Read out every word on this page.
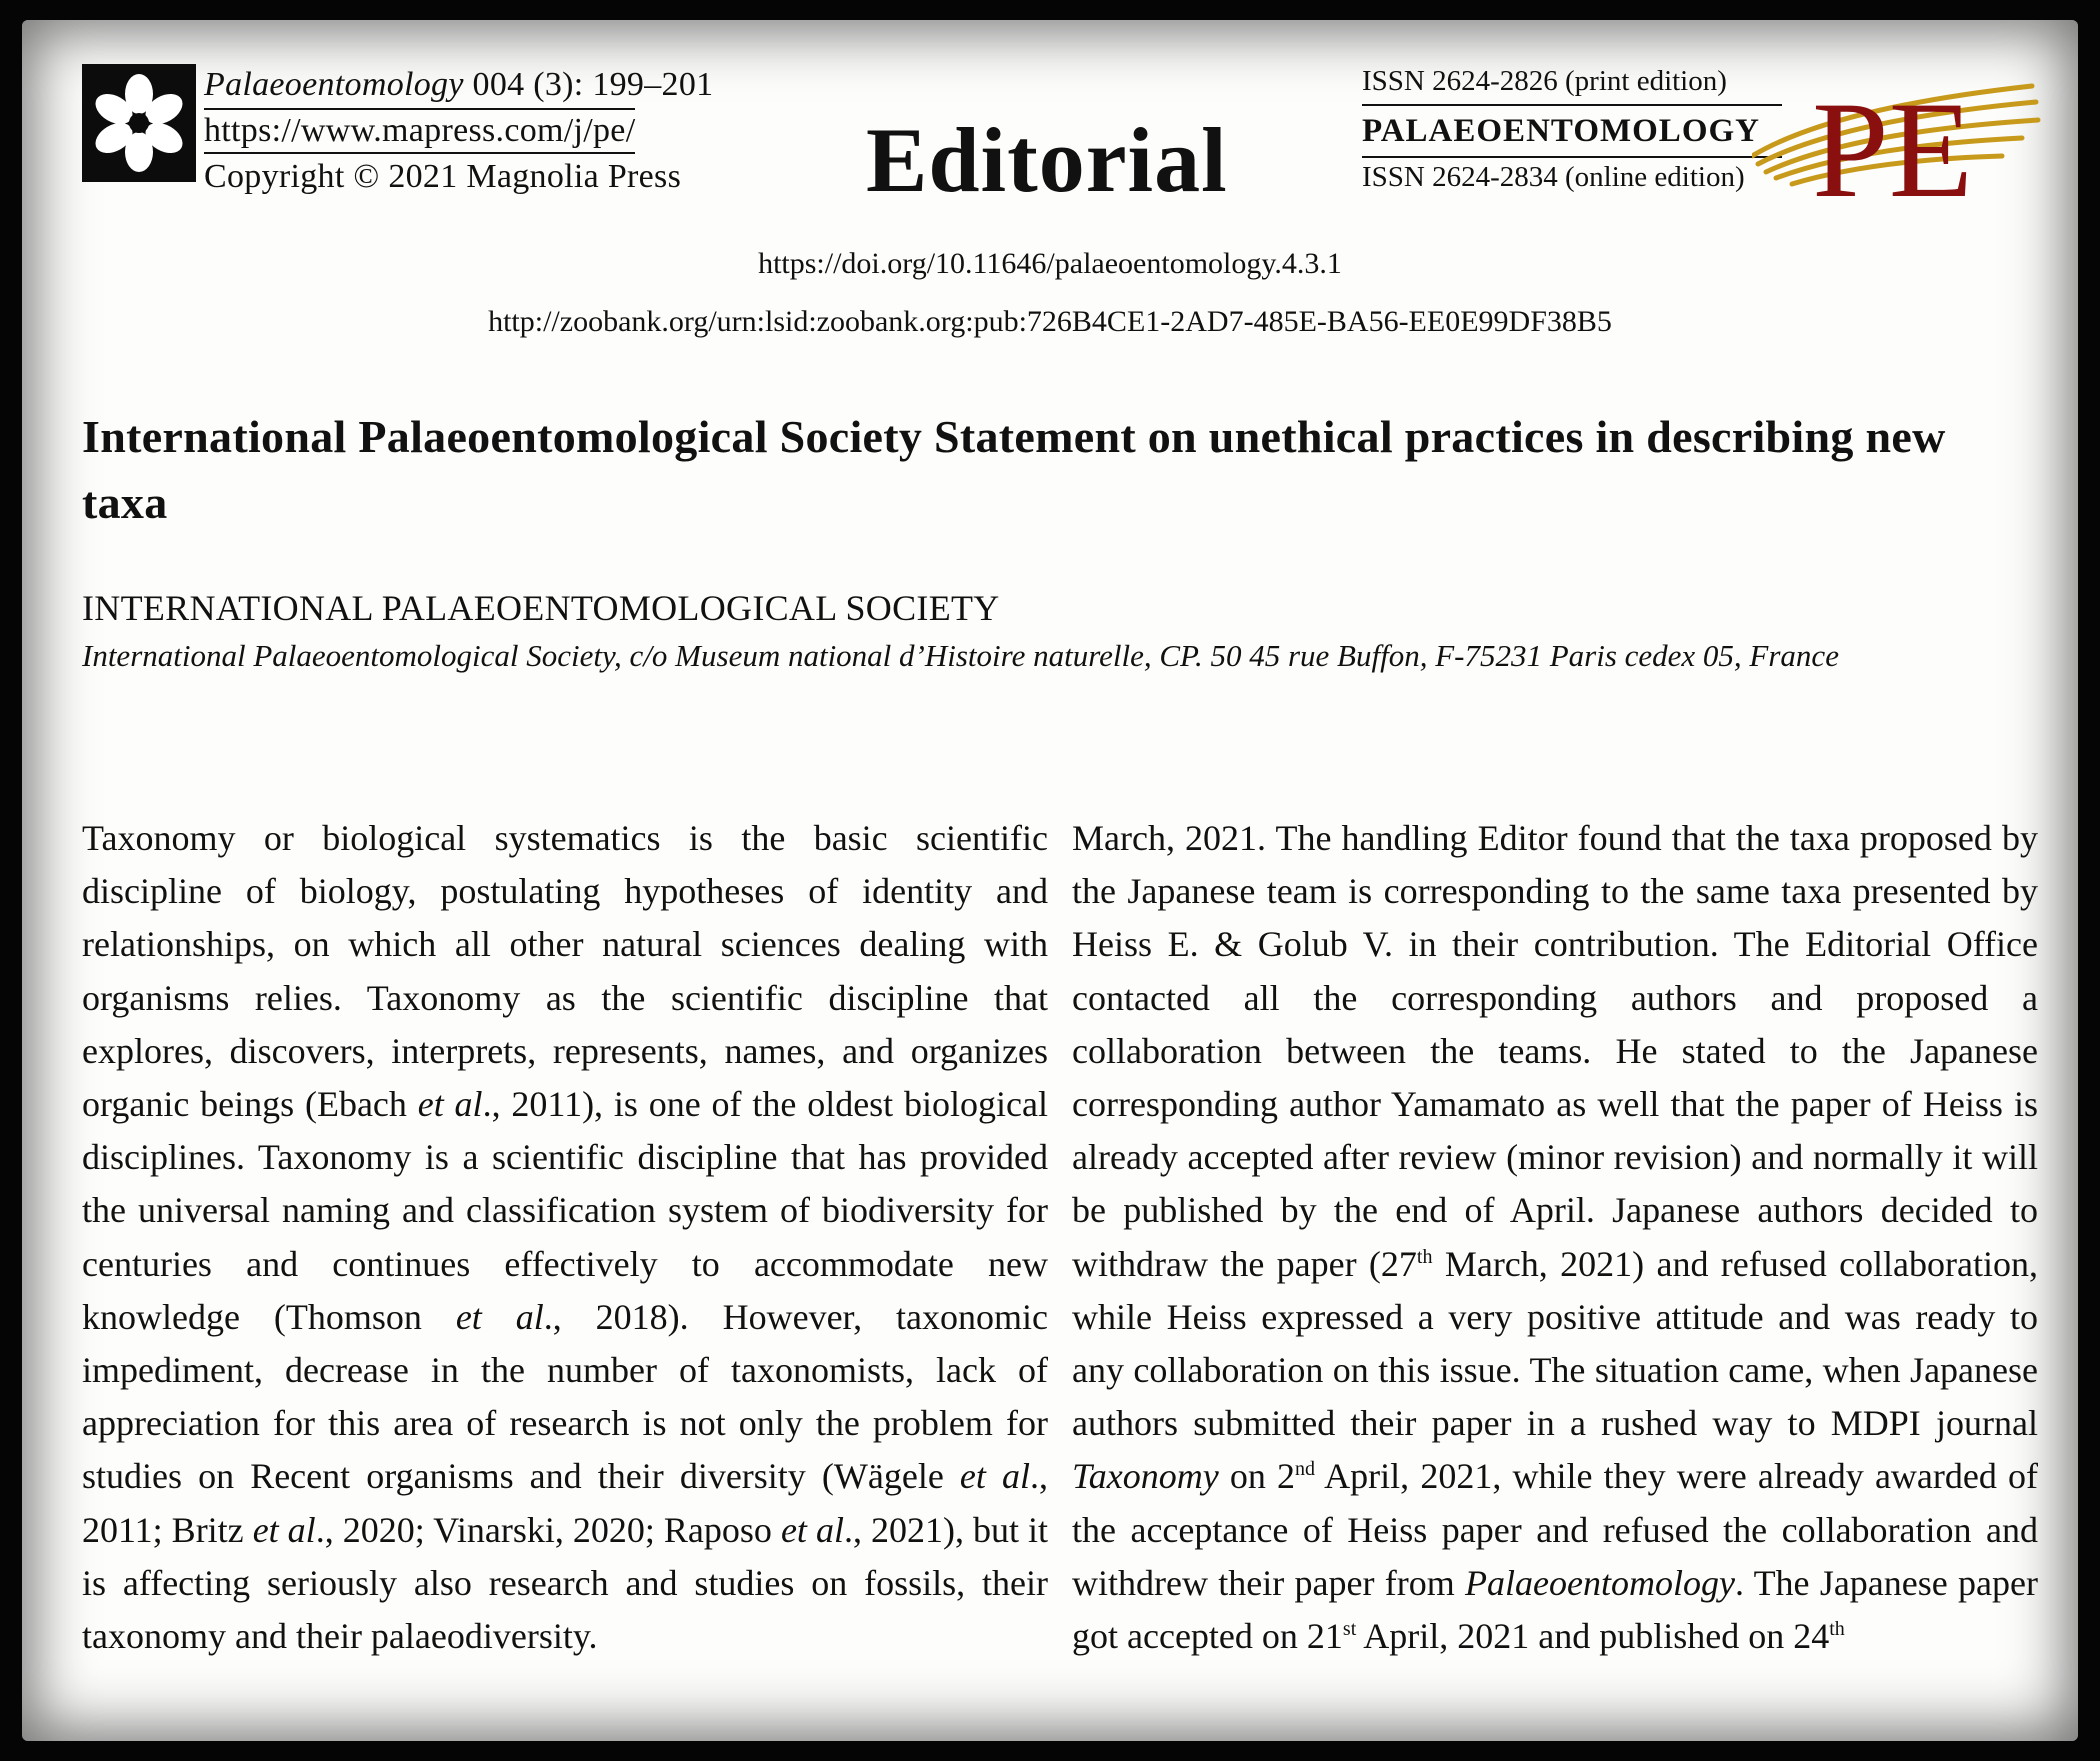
Palaeoentomology 004 (3): 199–201
https://www.mapress.com/j/pe/
Copyright © 2021 Magnolia Press	Editorial
ISSN 2624-2826 (print edition)
PALAEOENTOMOLOGY
ISSN 2624-2834 (online edition) PE
https://doi.org/10.11646/palaeoentomology.4.3.1
http://zoobank.org/urn:lsid:zoobank.org:pub:726B4CE1-2AD7-485E-BA56-EE0E99DF38B5
International Palaeoentomological Society Statement on unethical practices in describing new taxa
INTERNATIONAL PALAEOENTOMOLOGICAL SOCIETY
International Palaeoentomological Society, c/o Museum national d’Histoire naturelle, CP. 50 45 rue Buffon, F-75231 Paris cedex 05, France

Taxonomy or biological systematics is the basic scientific discipline of biology, postulating hypotheses of identity and relationships, on which all other natural sciences dealing with organisms relies. Taxonomy as the scientific discipline that explores, discovers, interprets, represents, names, and organizes organic beings (Ebach et al., 2011), is one of the oldest biological disciplines. Taxonomy is a scientific discipline that has provided the universal naming and classification system of biodiversity for centuries and continues effectively to accommodate new knowledge (Thomson et al., 2018). However, taxonomic impediment, decrease in the number of taxonomists, lack of appreciation for this area of research is not only the problem for studies on Recent organisms and their diversity (Wägele et al., 2011; Britz et al., 2020; Vinarski, 2020; Raposo et al., 2021), but it is affecting seriously also research and studies on fossils, their taxonomy and their palaeodiversity.

March, 2021. The handling Editor found that the taxa proposed by the Japanese team is corresponding to the same taxa presented by Heiss E. & Golub V. in their contribution. The Editorial Office contacted all the corresponding authors and proposed a collaboration between the teams. He stated to the Japanese corresponding author Yamamato as well that the paper of Heiss is already accepted after review (minor revision) and normally it will be published by the end of April. Japanese authors decided to withdraw the paper (27th March, 2021) and refused collaboration, while Heiss expressed a very positive attitude and was ready to any collaboration on this issue. The situation came, when Japanese authors submitted their paper in a rushed way to MDPI journal Taxonomy on 2nd April, 2021, while they were already awarded of the acceptance of Heiss paper and refused the collaboration and withdrew their paper from Palaeoentomology. The Japanese paper got accepted on 21st April, 2021 and published on 24th
